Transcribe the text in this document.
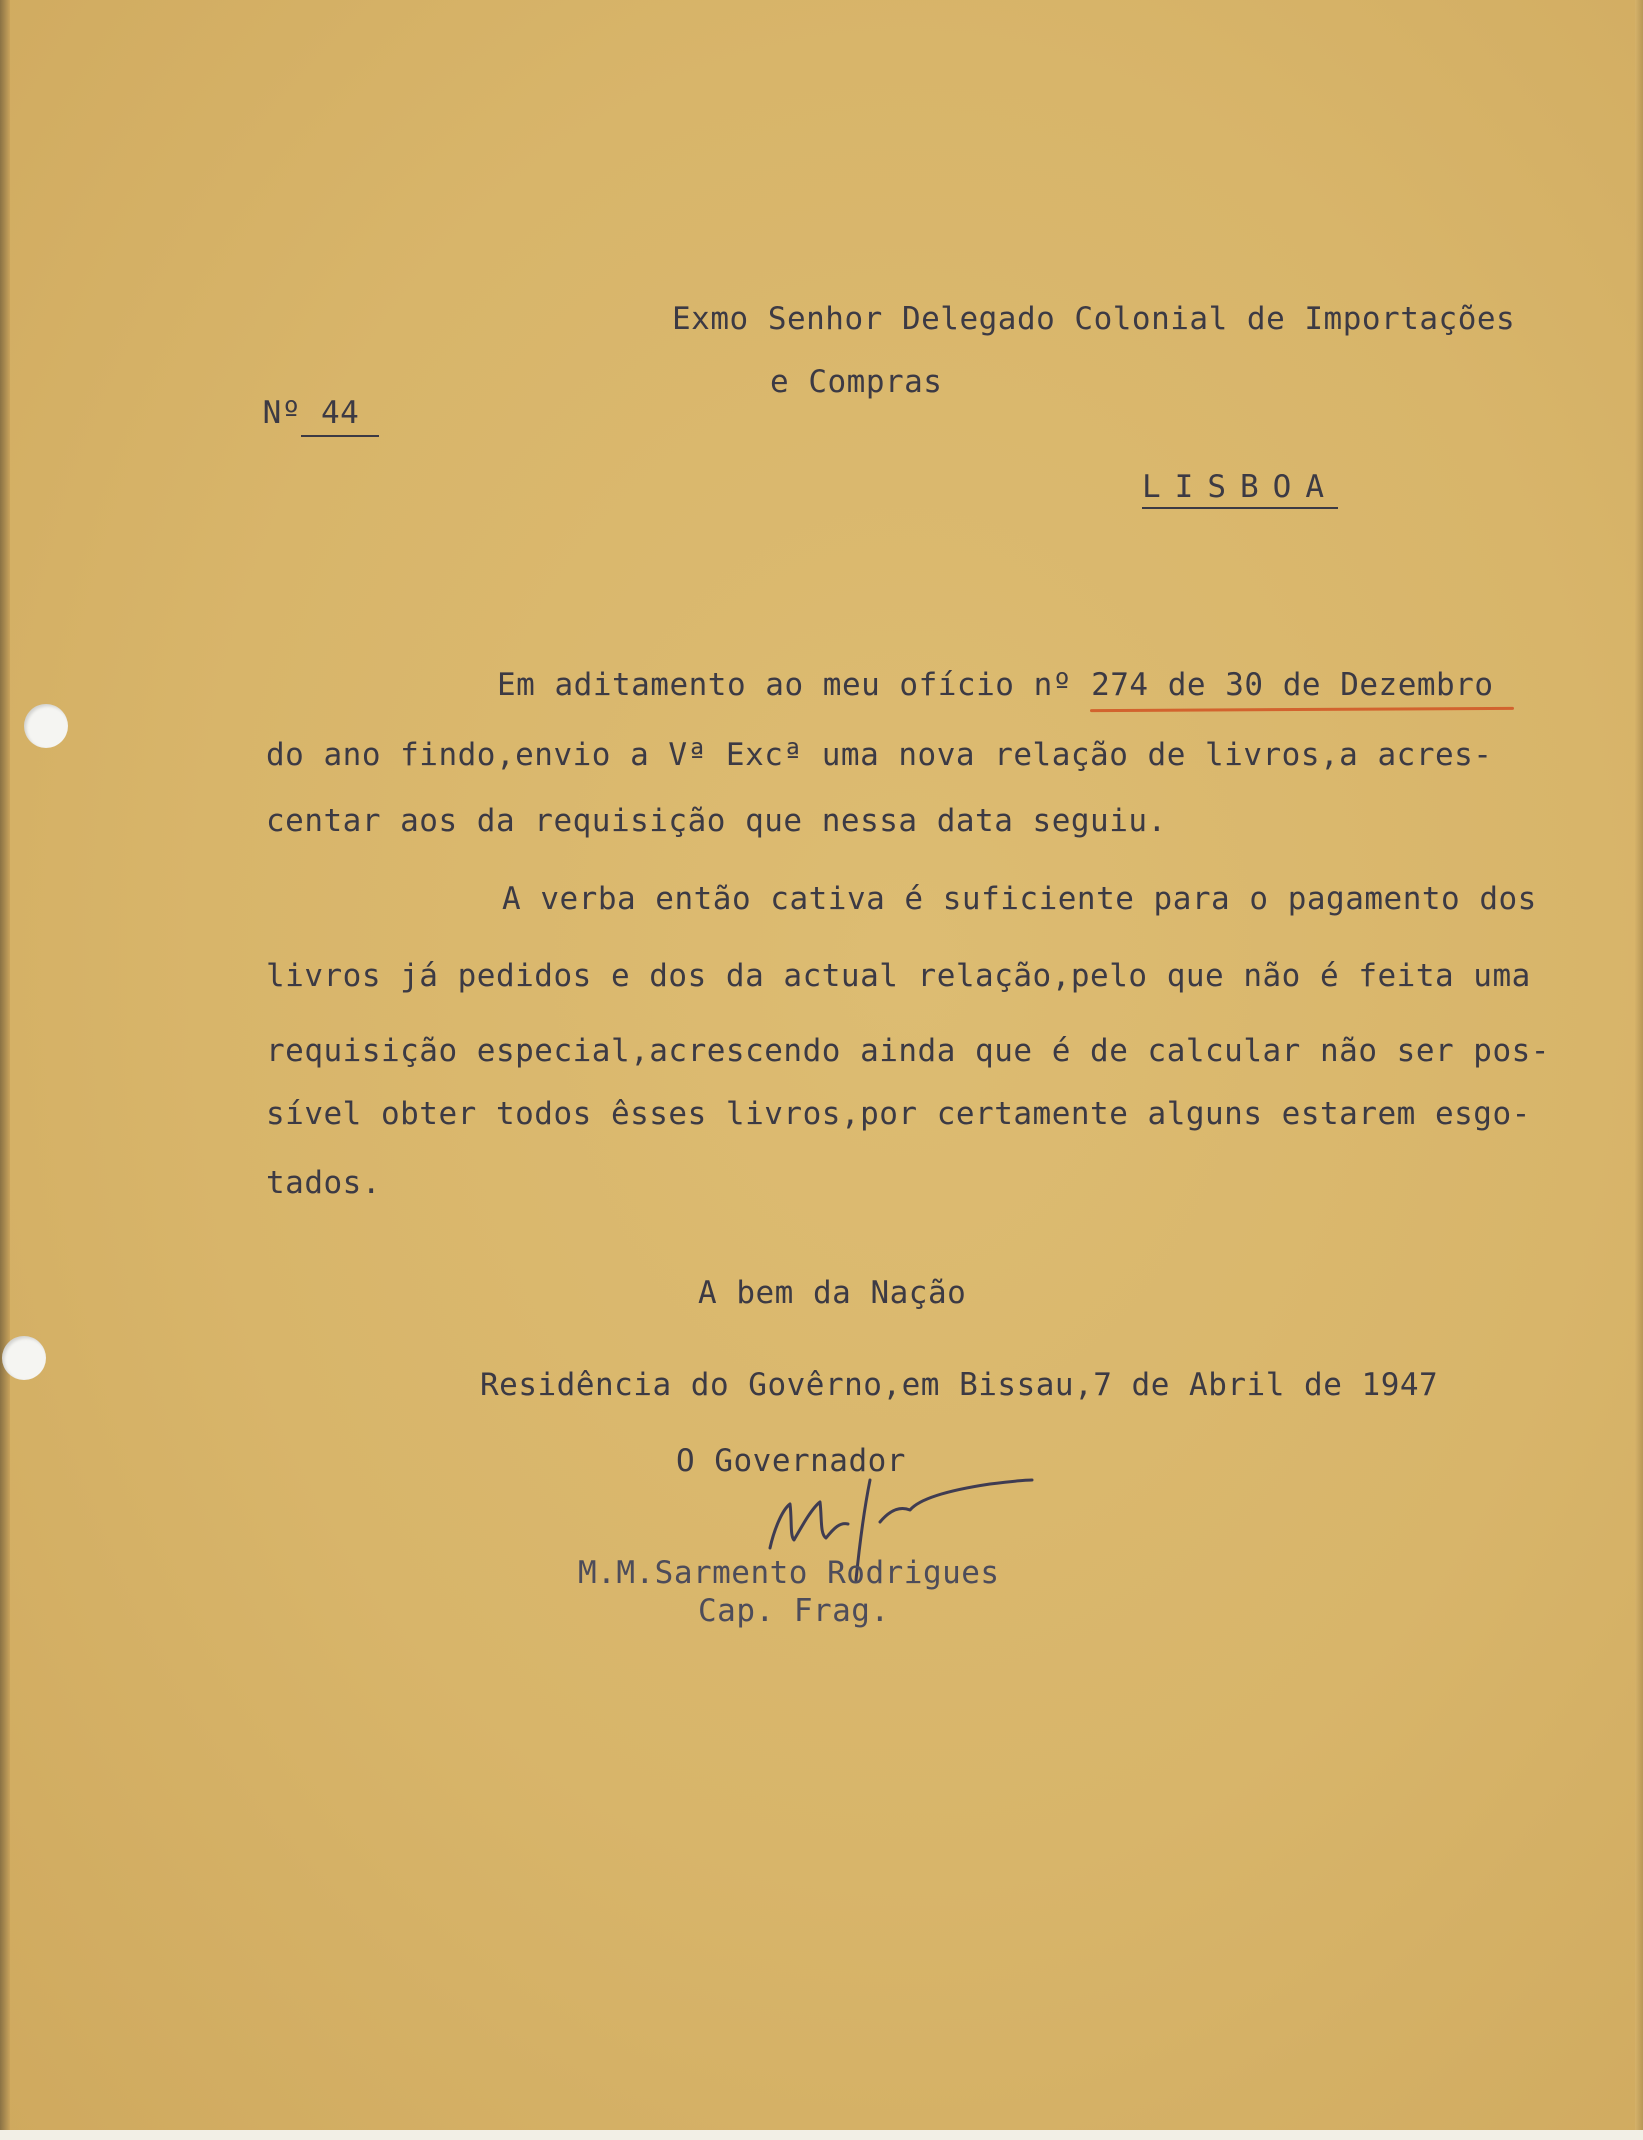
Exmo Senhor Delegado Colonial de Importações
e Compras

Nº 44

LISBOA
Em aditamento ao meu ofício nº 274 de 30 de Dezembro
do ano findo,envio a Vª Excª uma nova relação de livros,a acres-
centar aos da requisição que nessa data seguiu.
A verba então cativa é suficiente para o pagamento dos
livros já pedidos e dos da actual relação,pelo que não é feita uma
requisição especial,acrescendo ainda que é de calcular não ser pos-
sível obter todos êsses livros,por certamente alguns estarem esgo-
tados.
A bem da Nação
Residência do Govêrno,em Bissau,7 de Abril de 1947
O Governador
M.M.Sarmento Rodrigues
Cap. Frag.
